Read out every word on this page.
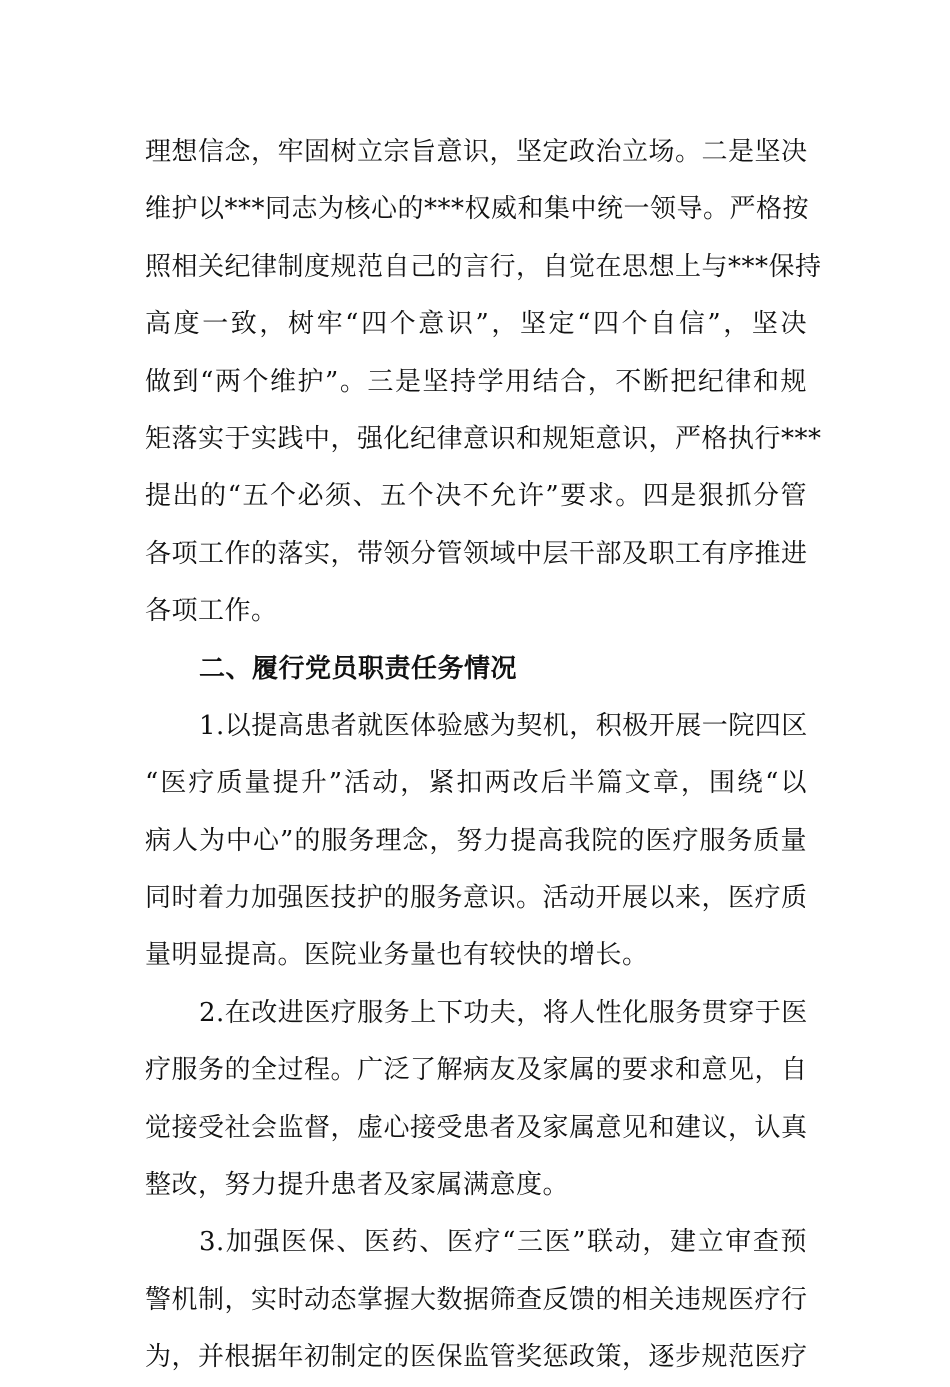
理想信念，牢固树立宗旨意识，坚定政治立场。二是坚决
维护以***同志为核心的***权威和集中统一领导。严格按
照相关纪律制度规范自己的言行，自觉在思想上与***保持
高度一致，树牢“四个意识”，坚定“四个自信”，坚决
做到“两个维护”。三是坚持学用结合，不断把纪律和规
矩落实于实践中，强化纪律意识和规矩意识，严格执行***
提出的“五个必须、五个决不允许”要求。四是狠抓分管
各项工作的落实，带领分管领域中层干部及职工有序推进
各项工作。
二、履行党员职责任务情况
1.以提高患者就医体验感为契机，积极开展一院四区
“医疗质量提升”活动，紧扣两改后半篇文章，围绕“以
病人为中心”的服务理念，努力提高我院的医疗服务质量
同时着力加强医技护的服务意识。活动开展以来，医疗质
量明显提高。医院业务量也有较快的增长。
2.在改进医疗服务上下功夫，将人性化服务贯穿于医
疗服务的全过程。广泛了解病友及家属的要求和意见，自
觉接受社会监督，虚心接受患者及家属意见和建议，认真
整改，努力提升患者及家属满意度。
3.加强医保、医药、医疗“三医”联动，建立审查预
警机制，实时动态掌握大数据筛查反馈的相关违规医疗行
为，并根据年初制定的医保监管奖惩政策，逐步规范医疗
